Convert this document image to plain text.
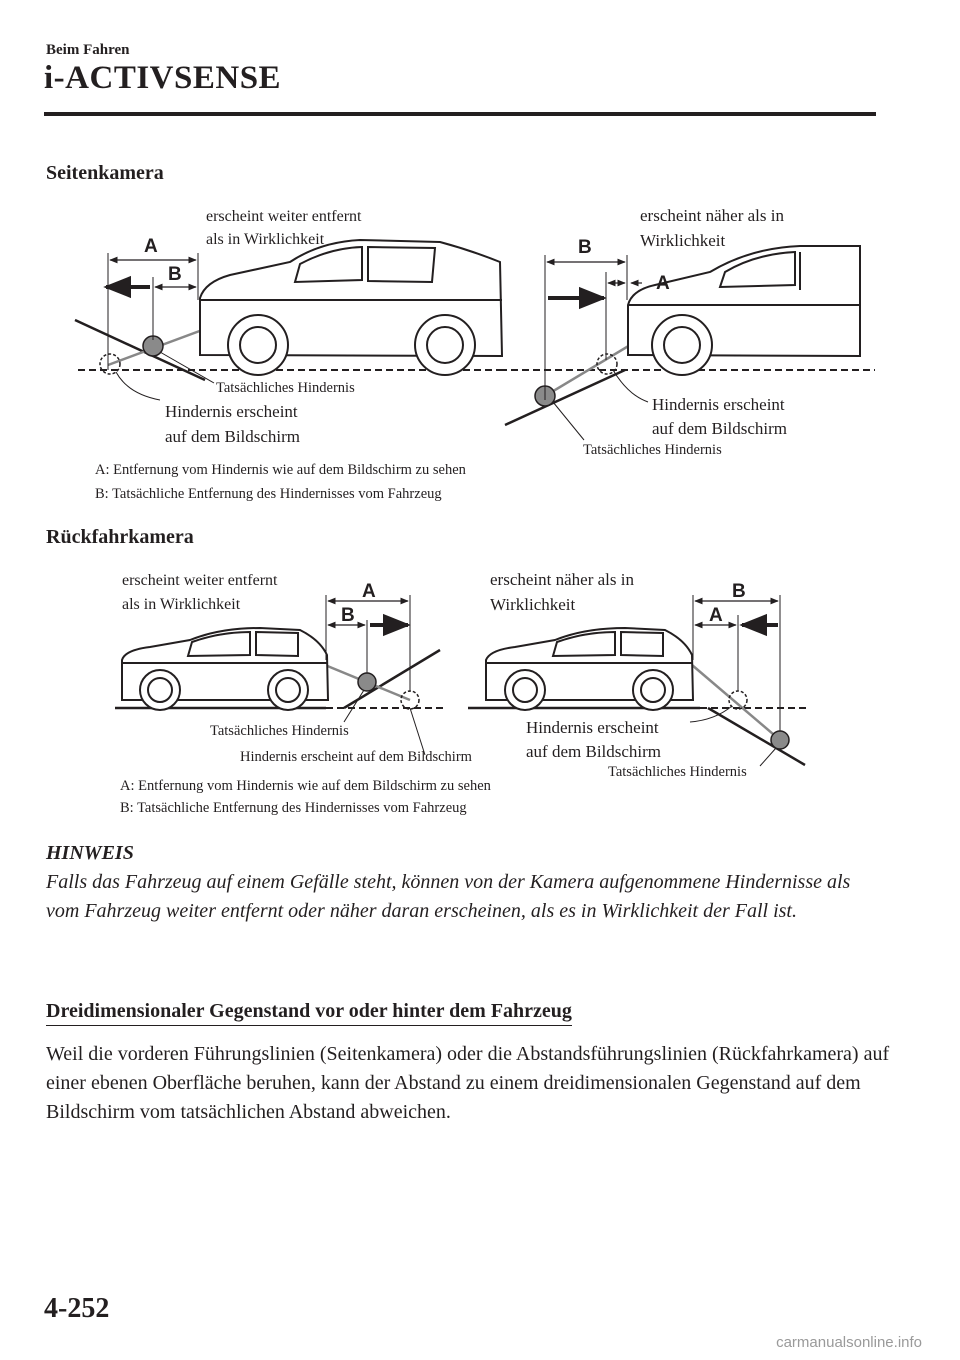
Beim Fahren
i-ACTIVSENSE
Seitenkamera
A
B
erscheint weiter entfernt
als in Wirklichkeit
Tatsächliches Hindernis
Hindernis erscheint
auf dem Bildschirm
B
A
erscheint näher als in
Wirklichkeit
Hindernis erscheint
auf dem Bildschirm
Tatsächliches Hindernis
A: Entfernung vom Hindernis wie auf dem Bildschirm zu sehen
B: Tatsächliche Entfernung des Hindernisses vom Fahrzeug
Rückfahrkamera
A
B
erscheint weiter entfernt
als in Wirklichkeit
Tatsächliches Hindernis
Hindernis erscheint auf dem Bildschirm
B
A
erscheint näher als in
Wirklichkeit
Hindernis erscheint
auf dem Bildschirm
Tatsächliches Hindernis
A: Entfernung vom Hindernis wie auf dem Bildschirm zu sehen
B: Tatsächliche Entfernung des Hindernisses vom Fahrzeug
HINWEIS
Falls das Fahrzeug auf einem Gefälle steht, können von der Kamera aufgenommene Hindernisse als vom Fahrzeug weiter entfernt oder näher daran erscheinen, als es in Wirklichkeit der Fall ist.
Dreidimensionaler Gegenstand vor oder hinter dem Fahrzeug
Weil die vorderen Führungslinien (Seitenkamera) oder die Abstandsführungslinien (Rückfahrkamera) auf einer ebenen Oberfläche beruhen, kann der Abstand zu einem dreidimensionalen Gegenstand auf dem Bildschirm vom tatsächlichen Abstand abweichen.
4-252
carmanualsonline.info
